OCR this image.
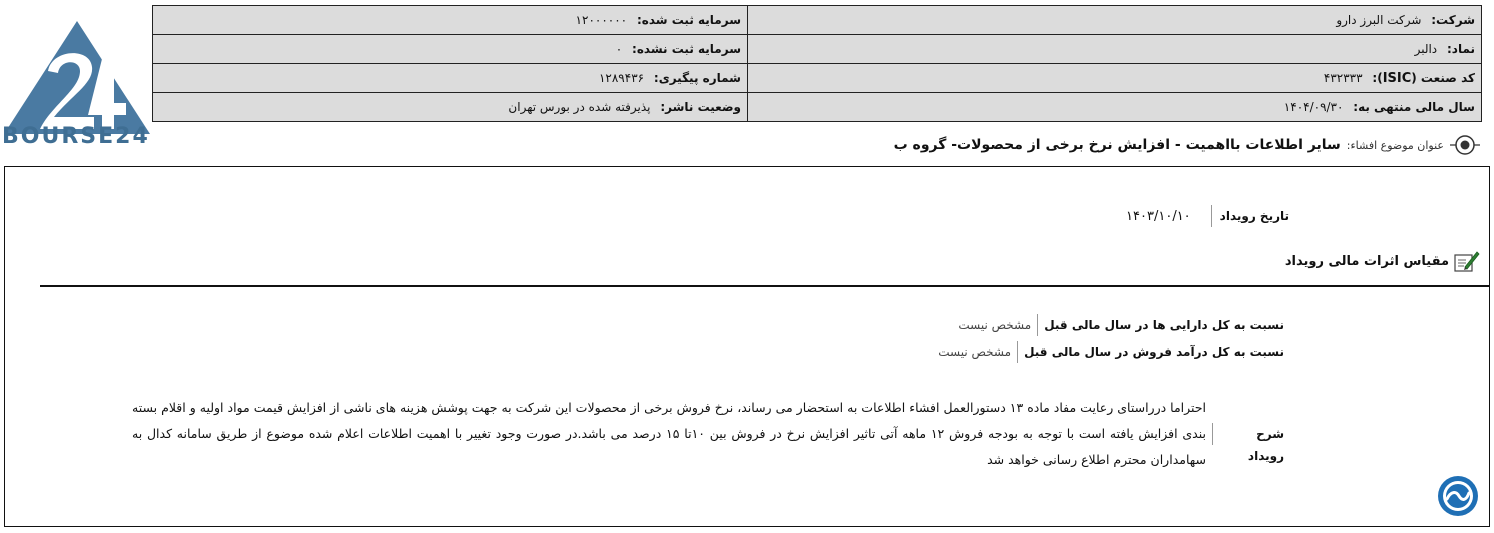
BOURSE24
شرکت: شرکت البرز دارو	سرمایه ثبت شده: ۱۲۰۰۰۰۰۰
نماد: دالبر	سرمایه ثبت نشده: ۰
کد صنعت (ISIC): ۴۳۲۳۳۳	شماره پیگیری: ۱۲۸۹۴۳۶
سال مالی منتهی به: ۱۴۰۴/۰۹/۳۰	وضعیت ناشر: پذیرفته شده در بورس تهران
عنوان موضوع افشاء:
سایر اطلاعات بااهمیت - افزایش نرخ برخی از محصولات- گروه ب
تاریخ رویداد
۱۴۰۳/۱۰/۱۰
مقیاس اثرات مالی رویداد
نسبت به کل دارایی ها در سال مالی قبل
مشخص نیست
نسبت به کل درآمد فروش در سال مالی قبل
مشخص نیست
شرح رویداد
احتراما درراستای رعایت مفاد ماده ۱۳ دستورالعمل افشاء اطلاعات به استحضار می رساند، نرخ فروش برخی از محصولات این شرکت به جهت پوشش هزینه های ناشی از افزایش قیمت مواد اولیه و اقلام بسته بندی افزایش یافته است با توجه به بودجه فروش ۱۲ ماهه آتی تاثیر افزایش نرخ در فروش بین ۱۰تا ۱۵ درصد می باشد.در صورت وجود تغییر با اهمیت اطلاعات اعلام شده موضوع از طریق سامانه کدال به سهامداران محترم اطلاع رسانی خواهد شد
